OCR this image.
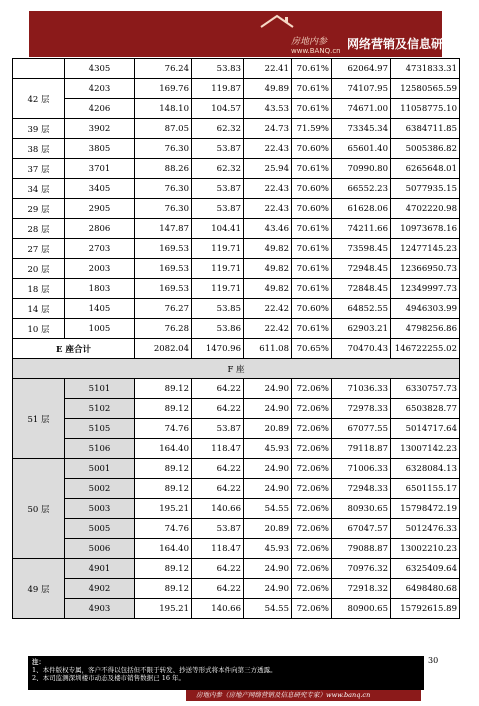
房地内参
www.BANQ.cn 网络营销及信息研究专家
	4305	76.24	53.83	22.41	70.61%	62064.97	4731833.31
42 层	4203	169.76	119.87	49.89	70.61%	74107.95	12580565.59
	4206	148.10	104.57	43.53	70.61%	74671.00	11058775.10
39 层	3902	87.05	62.32	24.73	71.59%	73345.34	6384711.85
38 层	3805	76.30	53.87	22.43	70.60%	65601.40	5005386.82
37 层	3701	88.26	62.32	25.94	70.61%	70990.80	6265648.01
34 层	3405	76.30	53.87	22.43	70.60%	66552.23	5077935.15
29 层	2905	76.30	53.87	22.43	70.60%	61628.06	4702220.98
28 层	2806	147.87	104.41	43.46	70.61%	74211.66	10973678.16
27 层	2703	169.53	119.71	49.82	70.61%	73598.45	12477145.23
20 层	2003	169.53	119.71	49.82	70.61%	72948.45	12366950.73
18 层	1803	169.53	119.71	49.82	70.61%	72848.45	12349997.73
14 层	1405	76.27	53.85	22.42	70.60%	64852.55	4946303.99
10 层	1005	76.28	53.86	22.42	70.61%	62903.21	4798256.86
E 座合计		2082.04	1470.96	611.08	70.65%	70470.43	146722255.02
F 座							
51 层	5101	89.12	64.22	24.90	72.06%	71036.33	6330757.73
	5102	89.12	64.22	24.90	72.06%	72978.33	6503828.77
	5105	74.76	53.87	20.89	72.06%	67077.55	5014717.64
	5106	164.40	118.47	45.93	72.06%	79118.87	13007142.23
50 层	5001	89.12	64.22	24.90	72.06%	71006.33	6328084.13
	5002	89.12	64.22	24.90	72.06%	72948.33	6501155.17
	5003	195.21	140.66	54.55	72.06%	80930.65	15798472.19
	5005	74.76	53.87	20.89	72.06%	67047.57	5012476.33
	5006	164.40	118.47	45.93	72.06%	79088.87	13002210.23
49 层	4901	89.12	64.22	24.90	72.06%	70976.32	6325409.64
	4902	89.12	64.22	24.90	72.06%	72918.32	6498480.68
	4903	195.21	140.66	54.55	72.06%	80900.65	15792615.89
注：
1、本件版权专属，客户不得以包括但不限于转发、抄送等形式将本件向第三方透露。
2、本司监测深圳楼市动态及楼市销售数据已 16 年。
30
房地内参（房地产网络营销及信息研究专家）www.banq.cn
